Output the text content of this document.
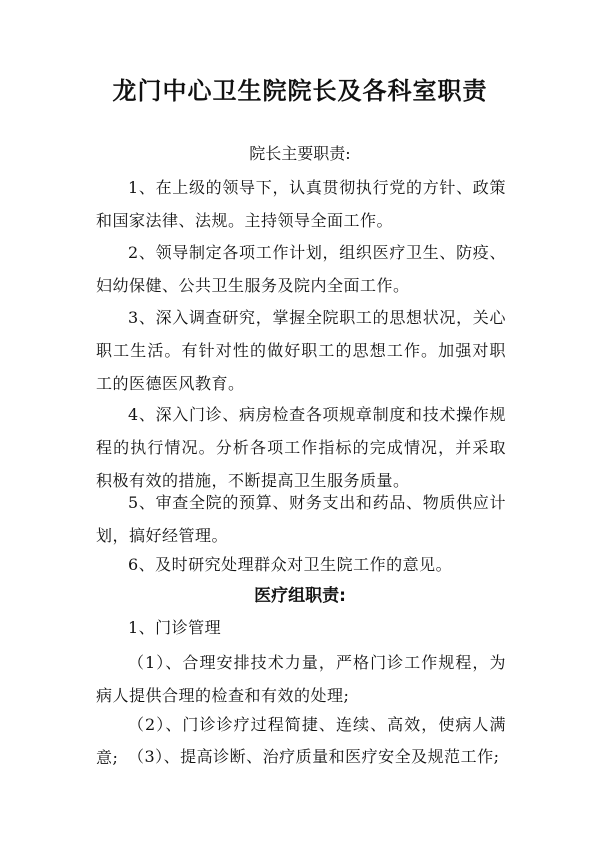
龙门中心卫生院院长及各科室职责
院长主要职责:
1、在上级的领导下，认真贯彻执行党的方针、政策和国家法律、法规。主持领导全面工作。
2、领导制定各项工作计划，组织医疗卫生、防疫、妇幼保健、公共卫生服务及院内全面工作。
3、深入调查研究，掌握全院职工的思想状况，关心职工生活。有针对性的做好职工的思想工作。加强对职工的医德医风教育。
4、深入门诊、病房检查各项规章制度和技术操作规程的执行情况。分析各项工作指标的完成情况，并采取积极有效的措施，不断提高卫生服务质量。
5、审查全院的预算、财务支出和药品、物质供应计划，搞好经管理。
6、及时研究处理群众对卫生院工作的意见。
医疗组职责:
1、门诊管理
（1）、合理安排技术力量，严格门诊工作规程，为病人提供合理的检查和有效的处理;
（2）、门诊诊疗过程简捷、连续、高效，使病人满意; （3）、提高诊断、治疗质量和医疗安全及规范工作;
